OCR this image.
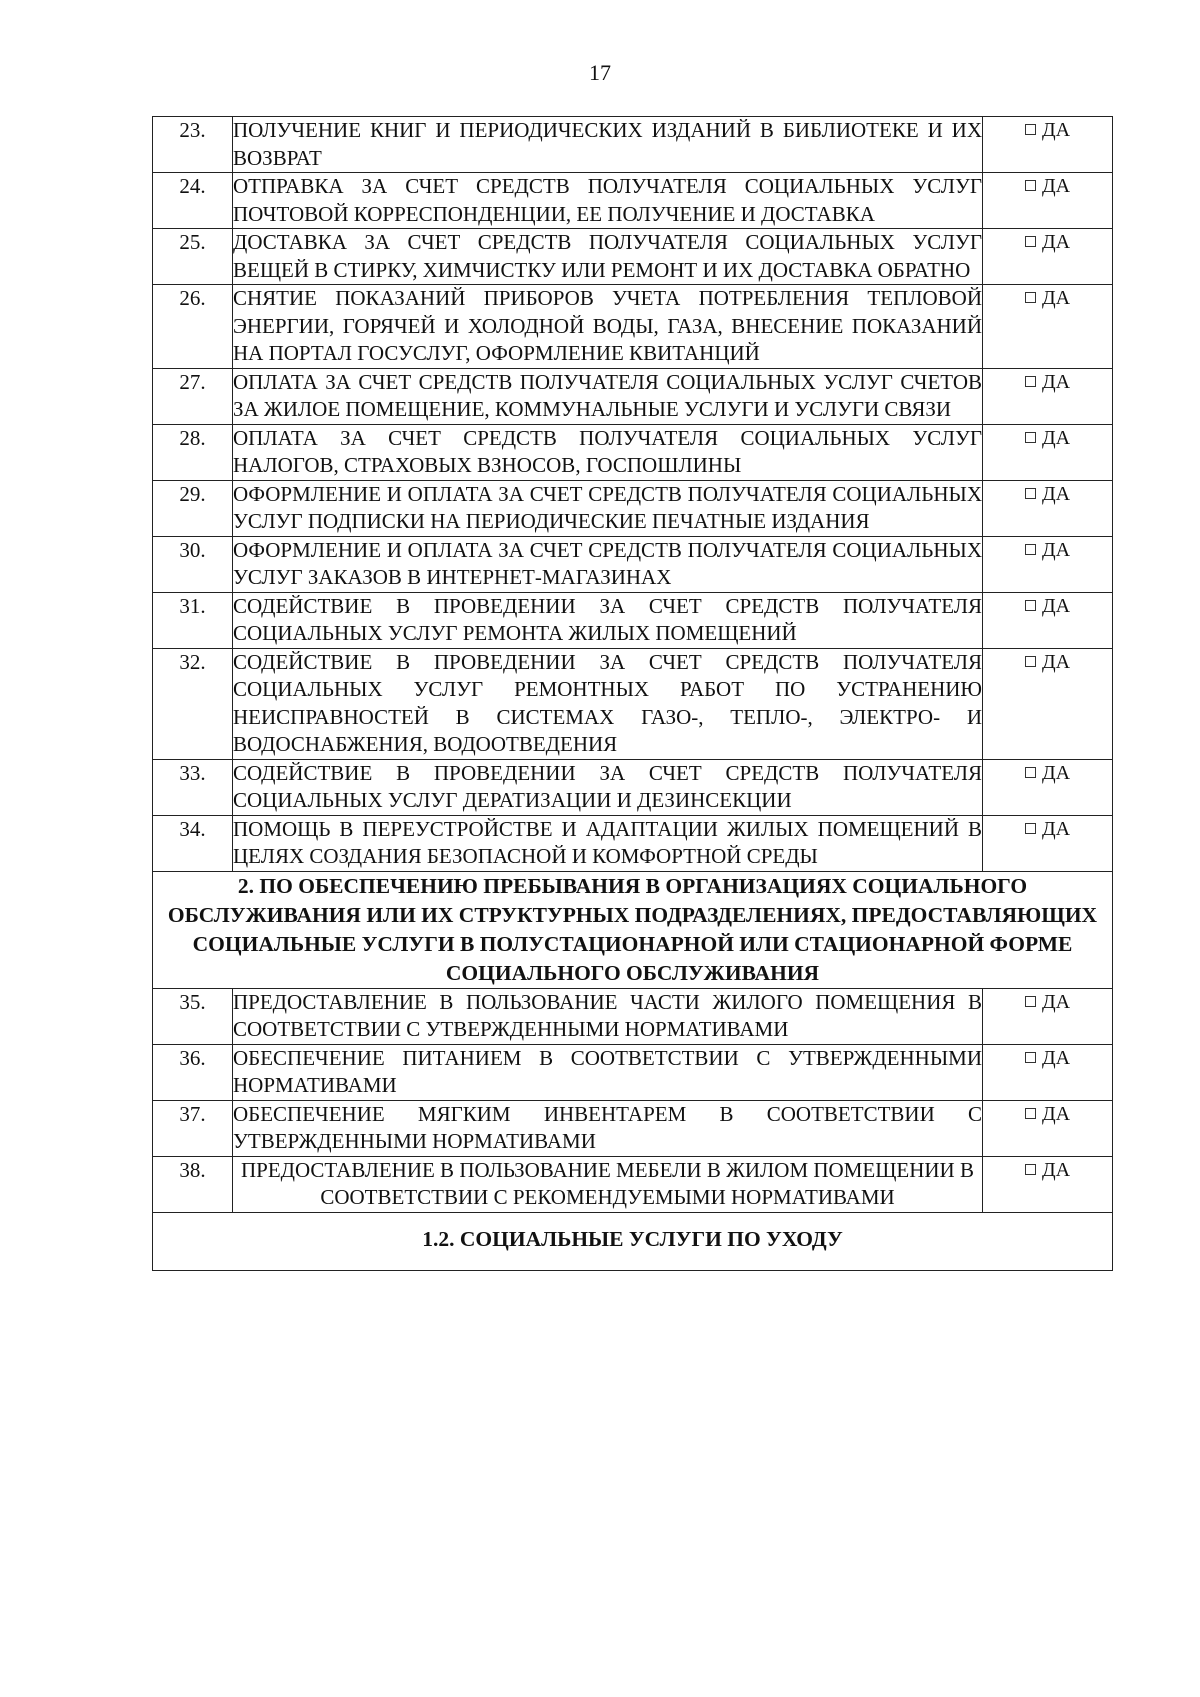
17
23.	ПОЛУЧЕНИЕ КНИГ И ПЕРИОДИЧЕСКИХ ИЗДАНИЙ В БИБЛИОТЕКЕ И ИХ ВОЗВРАТ	ДА
24.	ОТПРАВКА ЗА СЧЕТ СРЕДСТВ ПОЛУЧАТЕЛЯ СОЦИАЛЬНЫХ УСЛУГ ПОЧТОВОЙ КОРРЕСПОНДЕНЦИИ, ЕЕ ПОЛУЧЕНИЕ И ДОСТАВКА	ДА
25.	ДОСТАВКА ЗА СЧЕТ СРЕДСТВ ПОЛУЧАТЕЛЯ СОЦИАЛЬНЫХ УСЛУГ ВЕЩЕЙ В СТИРКУ, ХИМЧИСТКУ ИЛИ РЕМОНТ И ИХ ДОСТАВКА ОБРАТНО	ДА
26.	СНЯТИЕ ПОКАЗАНИЙ ПРИБОРОВ УЧЕТА ПОТРЕБЛЕНИЯ ТЕПЛОВОЙ ЭНЕРГИИ, ГОРЯЧЕЙ И ХОЛОДНОЙ ВОДЫ, ГАЗА, ВНЕСЕНИЕ ПОКАЗАНИЙ НА ПОРТАЛ ГОСУСЛУГ, ОФОРМЛЕНИЕ КВИТАНЦИЙ	ДА
27.	ОПЛАТА ЗА СЧЕТ СРЕДСТВ ПОЛУЧАТЕЛЯ СОЦИАЛЬНЫХ УСЛУГ СЧЕТОВ ЗА ЖИЛОЕ ПОМЕЩЕНИЕ, КОММУНАЛЬНЫЕ УСЛУГИ И УСЛУГИ СВЯЗИ	ДА
28.	ОПЛАТА ЗА СЧЕТ СРЕДСТВ ПОЛУЧАТЕЛЯ СОЦИАЛЬНЫХ УСЛУГ НАЛОГОВ, СТРАХОВЫХ ВЗНОСОВ, ГОСПОШЛИНЫ	ДА
29.	ОФОРМЛЕНИЕ И ОПЛАТА ЗА СЧЕТ СРЕДСТВ ПОЛУЧАТЕЛЯ СОЦИАЛЬНЫХ УСЛУГ ПОДПИСКИ НА ПЕРИОДИЧЕСКИЕ ПЕЧАТНЫЕ ИЗДАНИЯ	ДА
30.	ОФОРМЛЕНИЕ И ОПЛАТА ЗА СЧЕТ СРЕДСТВ ПОЛУЧАТЕЛЯ СОЦИАЛЬНЫХ УСЛУГ ЗАКАЗОВ В ИНТЕРНЕТ-МАГАЗИНАХ	ДА
31.	СОДЕЙСТВИЕ В ПРОВЕДЕНИИ ЗА СЧЕТ СРЕДСТВ ПОЛУЧАТЕЛЯ СОЦИАЛЬНЫХ УСЛУГ РЕМОНТА ЖИЛЫХ ПОМЕЩЕНИЙ	ДА
32.	СОДЕЙСТВИЕ В ПРОВЕДЕНИИ ЗА СЧЕТ СРЕДСТВ ПОЛУЧАТЕЛЯ СОЦИАЛЬНЫХ УСЛУГ РЕМОНТНЫХ РАБОТ ПО УСТРАНЕНИЮ НЕИСПРАВНОСТЕЙ В СИСТЕМАХ ГАЗО-, ТЕПЛО-, ЭЛЕКТРО- И ВОДОСНАБЖЕНИЯ, ВОДООТВЕДЕНИЯ	ДА
33.	СОДЕЙСТВИЕ В ПРОВЕДЕНИИ ЗА СЧЕТ СРЕДСТВ ПОЛУЧАТЕЛЯ СОЦИАЛЬНЫХ УСЛУГ ДЕРАТИЗАЦИИ И ДЕЗИНСЕКЦИИ	ДА
34.	ПОМОЩЬ В ПЕРЕУСТРОЙСТВЕ И АДАПТАЦИИ ЖИЛЫХ ПОМЕЩЕНИЙ В ЦЕЛЯХ СОЗДАНИЯ БЕЗОПАСНОЙ И КОМФОРТНОЙ СРЕДЫ	ДА
2. ПО ОБЕСПЕЧЕНИЮ ПРЕБЫВАНИЯ В ОРГАНИЗАЦИЯХ СОЦИАЛЬНОГО ОБСЛУЖИВАНИЯ ИЛИ ИХ СТРУКТУРНЫХ ПОДРАЗДЕЛЕНИЯХ, ПРЕДОСТАВЛЯЮЩИХ СОЦИАЛЬНЫЕ УСЛУГИ В ПОЛУСТАЦИОНАРНОЙ ИЛИ СТАЦИОНАРНОЙ ФОРМЕ СОЦИАЛЬНОГО ОБСЛУЖИВАНИЯ		
35.	ПРЕДОСТАВЛЕНИЕ В ПОЛЬЗОВАНИЕ ЧАСТИ ЖИЛОГО ПОМЕЩЕНИЯ В СООТВЕТСТВИИ С УТВЕРЖДЕННЫМИ НОРМАТИВАМИ	ДА
36.	ОБЕСПЕЧЕНИЕ ПИТАНИЕМ В СООТВЕТСТВИИ С УТВЕРЖДЕННЫМИ НОРМАТИВАМИ	ДА
37.	ОБЕСПЕЧЕНИЕ МЯГКИМ ИНВЕНТАРЕМ В СООТВЕТСТВИИ С УТВЕРЖДЕННЫМИ НОРМАТИВАМИ	ДА
38.	ПРЕДОСТАВЛЕНИЕ В ПОЛЬЗОВАНИЕ МЕБЕЛИ В ЖИЛОМ ПОМЕЩЕНИИ В СООТВЕТСТВИИ С РЕКОМЕНДУЕМЫМИ НОРМАТИВАМИ	ДА
1.2. СОЦИАЛЬНЫЕ УСЛУГИ ПО УХОДУ		
